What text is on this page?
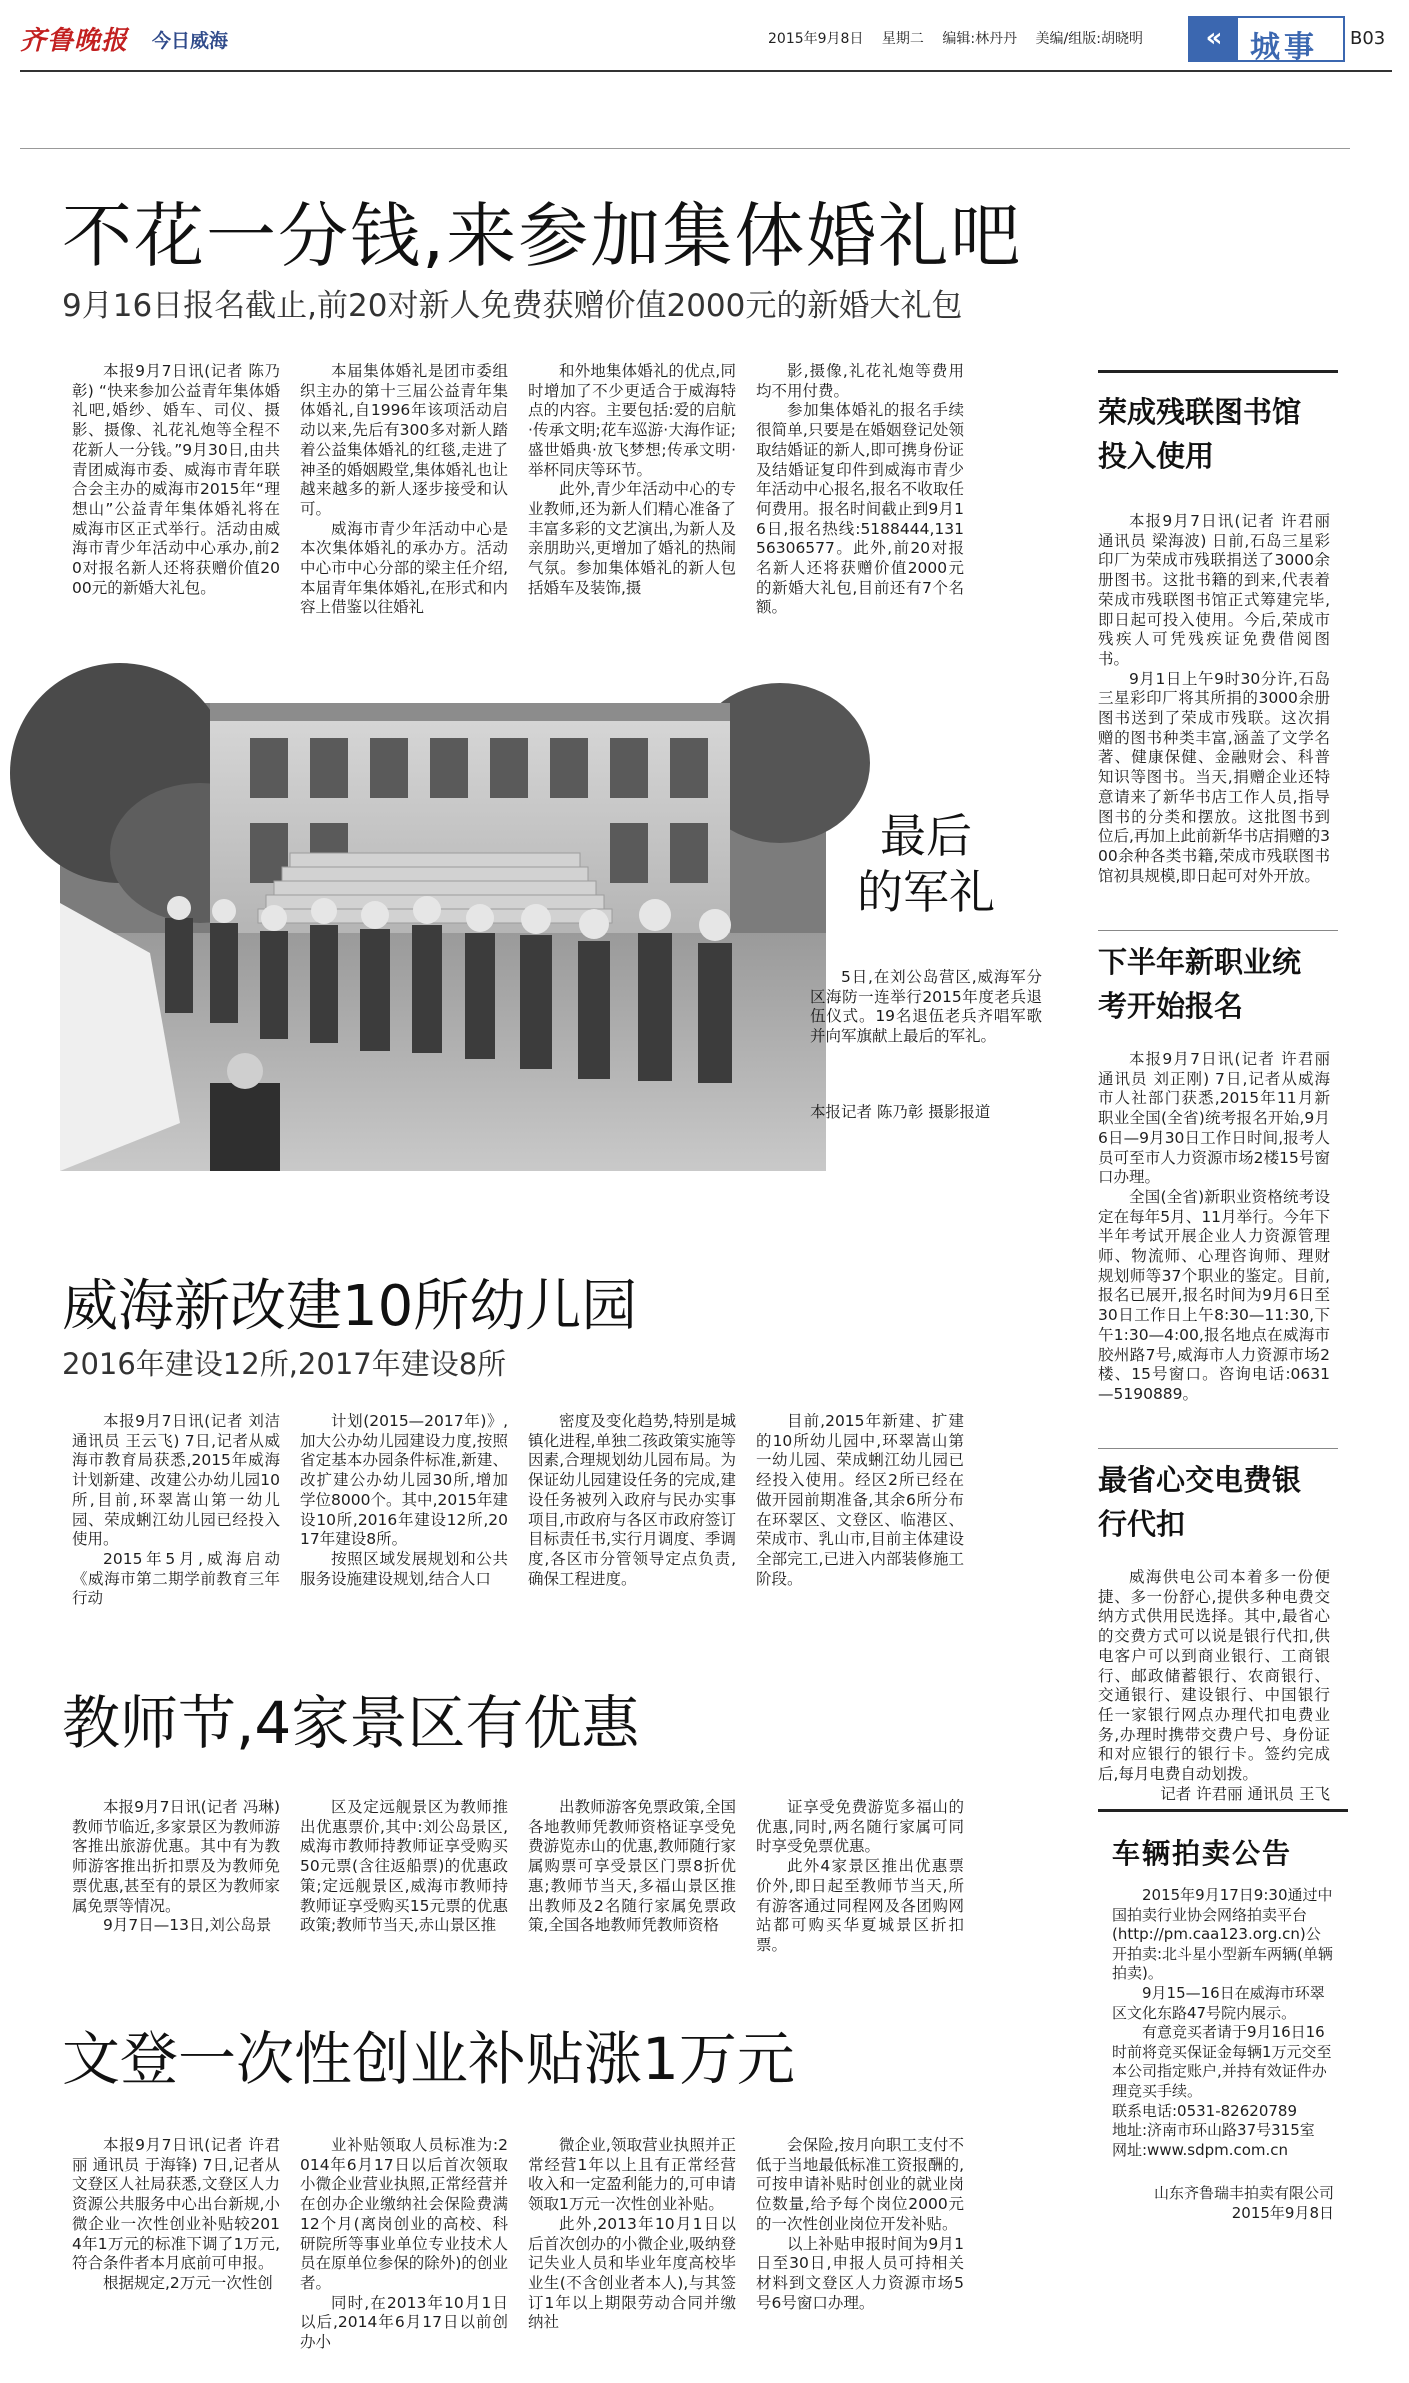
齐鲁晚报 今日威海	2015年9月8日 星期二 编辑:林丹丹 美编/组版:胡晓明	« 城事 B03
不花一分钱,来参加集体婚礼吧
9月16日报名截止,前20对新人免费获赠价值2000元的新婚大礼包

本报9月7日讯(记者 陈乃彰) “快来参加公益青年集体婚礼吧,婚纱、婚车、司仪、摄影、摄像、礼花礼炮等全程不花新人一分钱。”9月30日,由共青团威海市委、威海市青年联合会主办的威海市2015年“理想山”公益青年集体婚礼将在威海市区正式举行。活动由威海市青少年活动中心承办,前20对报名新人还将获赠价值2000元的新婚大礼包。

本届集体婚礼是团市委组织主办的第十三届公益青年集体婚礼,自1996年该项活动启动以来,先后有300多对新人踏着公益集体婚礼的红毯,走进了神圣的婚姻殿堂,集体婚礼也让越来越多的新人逐步接受和认可。

威海市青少年活动中心是本次集体婚礼的承办方。活动中心市中心分部的梁主任介绍,本届青年集体婚礼,在形式和内容上借鉴以往婚礼

和外地集体婚礼的优点,同时增加了不少更适合于威海特点的内容。主要包括:爱的启航·传承文明;花车巡游·大海作证;盛世婚典·放飞梦想;传承文明·举杯同庆等环节。

此外,青少年活动中心的专业教师,还为新人们精心准备了丰富多彩的文艺演出,为新人及亲朋助兴,更增加了婚礼的热闹气氛。参加集体婚礼的新人包括婚车及装饰,摄

影,摄像,礼花礼炮等费用均不用付费。

参加集体婚礼的报名手续很简单,只要是在婚姻登记处领取结婚证的新人,即可携身份证及结婚证复印件到威海市青少年活动中心报名,报名不收取任何费用。报名时间截止到9月16日,报名热线:5188444,13156306577。此外,前20对报名新人还将获赠价值2000元的新婚大礼包,目前还有7个名额。

最后
的军礼

5日,在刘公岛营区,威海军分区海防一连举行2015年度老兵退伍仪式。19名退伍老兵齐唱军歌并向军旗献上最后的军礼。

本报记者 陈乃彰 摄影报道
威海新改建10所幼儿园
2016年建设12所,2017年建设8所

本报9月7日讯(记者 刘洁 通讯员 王云飞) 7日,记者从威海市教育局获悉,2015年威海计划新建、改建公办幼儿园10所,目前,环翠嵩山第一幼儿园、荣成蜊江幼儿园已经投入使用。

2015年5月,威海启动《威海市第二期学前教育三年行动

计划(2015—2017年)》,加大公办幼儿园建设力度,按照省定基本办园条件标准,新建、改扩建公办幼儿园30所,增加学位8000个。其中,2015年建设10所,2016年建设12所,2017年建设8所。

按照区域发展规划和公共服务设施建设规划,结合人口

密度及变化趋势,特别是城镇化进程,单独二孩政策实施等因素,合理规划幼儿园布局。为保证幼儿园建设任务的完成,建设任务被列入政府与民办实事项目,市政府与各区市政府签订目标责任书,实行月调度、季调度,各区市分管领导定点负责,确保工程进度。

目前,2015年新建、扩建的10所幼儿园中,环翠嵩山第一幼儿园、荣成蜊江幼儿园已经投入使用。经区2所已经在做开园前期准备,其余6所分布在环翠区、文登区、临港区、荣成市、乳山市,目前主体建设全部完工,已进入内部装修施工阶段。

教师节,4家景区有优惠

本报9月7日讯(记者 冯琳) 教师节临近,多家景区为教师游客推出旅游优惠。其中有为教师游客推出折扣票及为教师免票优惠,甚至有的景区为教师家属免票等情况。

9月7日—13日,刘公岛景

区及定远舰景区为教师推出优惠票价,其中:刘公岛景区,威海市教师持教师证享受购买50元票(含往返船票)的优惠政策;定远舰景区,威海市教师持教师证享受购买15元票的优惠政策;教师节当天,赤山景区推

出教师游客免票政策,全国各地教师凭教师资格证享受免费游览赤山的优惠,教师随行家属购票可享受景区门票8折优惠;教师节当天,多福山景区推出教师及2名随行家属免票政策,全国各地教师凭教师资格

证享受免费游览多福山的优惠,同时,两名随行家属可同时享受免票优惠。

此外4家景区推出优惠票价外,即日起至教师节当天,所有游客通过同程网及各团购网站都可购买华夏城景区折扣票。

文登一次性创业补贴涨1万元

本报9月7日讯(记者 许君丽 通讯员 于海锋) 7日,记者从文登区人社局获悉,文登区人力资源公共服务中心出台新规,小微企业一次性创业补贴较2014年1万元的标准下调了1万元,符合条件者本月底前可申报。

根据规定,2万元一次性创

业补贴领取人员标准为:2014年6月17日以后首次领取小微企业营业执照,正常经营并在创办企业缴纳社会保险费满12个月(离岗创业的高校、科研院所等事业单位专业技术人员在原单位参保的除外)的创业者。

同时,在2013年10月1日以后,2014年6月17日以前创办小

微企业,领取营业执照并正常经营1年以上且有正常经营收入和一定盈利能力的,可申请领取1万元一次性创业补贴。

此外,2013年10月1日以后首次创办的小微企业,吸纳登记失业人员和毕业年度高校毕业生(不含创业者本人),与其签订1年以上期限劳动合同并缴纳社

会保险,按月向职工支付不低于当地最低标准工资报酬的,可按申请补贴时创业的就业岗位数量,给予每个岗位2000元的一次性创业岗位开发补贴。

以上补贴申报时间为9月1日至30日,申报人员可持相关材料到文登区人力资源市场5号6号窗口办理。

荣成残联图书馆投入使用

本报9月7日讯(记者 许君丽 通讯员 梁海波) 日前,石岛三星彩印厂为荣成市残联捐送了3000余册图书。这批书籍的到来,代表着荣成市残联图书馆正式筹建完毕,即日起可投入使用。今后,荣成市残疾人可凭残疾证免费借阅图书。

9月1日上午9时30分许,石岛三星彩印厂将其所捐的3000余册图书送到了荣成市残联。这次捐赠的图书种类丰富,涵盖了文学名著、健康保健、金融财会、科普知识等图书。当天,捐赠企业还特意请来了新华书店工作人员,指导图书的分类和摆放。这批图书到位后,再加上此前新华书店捐赠的300余种各类书籍,荣成市残联图书馆初具规模,即日起可对外开放。

下半年新职业统考开始报名

本报9月7日讯(记者 许君丽 通讯员 刘正刚) 7日,记者从威海市人社部门获悉,2015年11月新职业全国(全省)统考报名开始,9月6日—9月30日工作日时间,报考人员可至市人力资源市场2楼15号窗口办理。

全国(全省)新职业资格统考设定在每年5月、11月举行。今年下半年考试开展企业人力资源管理师、物流师、心理咨询师、理财规划师等37个职业的鉴定。目前,报名已展开,报名时间为9月6日至30日工作日上午8:30—11:30,下午1:30—4:00,报名地点在威海市胶州路7号,威海市人力资源市场2楼、15号窗口。咨询电话:0631—5190889。

最省心交电费银行代扣

威海供电公司本着多一份便捷、多一份舒心,提供多种电费交纳方式供用民选择。其中,最省心的交费方式可以说是银行代扣,供电客户可以到商业银行、工商银行、邮政储蓄银行、农商银行、交通银行、建设银行、中国银行任一家银行网点办理代扣电费业务,办理时携带交费户号、身份证和对应银行的银行卡。签约完成后,每月电费自动划拨。

记者 许君丽 通讯员 王飞

车辆拍卖公告

2015年9月17日9:30通过中国拍卖行业协会网络拍卖平台(http://pm.caa123.org.cn)公开拍卖:北斗星小型新车两辆(单辆拍卖)。

9月15—16日在威海市环翠区文化东路47号院内展示。

有意竞买者请于9月16日16时前将竞买保证金每辆1万元交至本公司指定账户,并持有效证件办理竞买手续。

联系电话:0531-82620789

地址:济南市环山路37号315室

网址:www.sdpm.com.cn

山东齐鲁瑞丰拍卖有限公司

2015年9月8日
